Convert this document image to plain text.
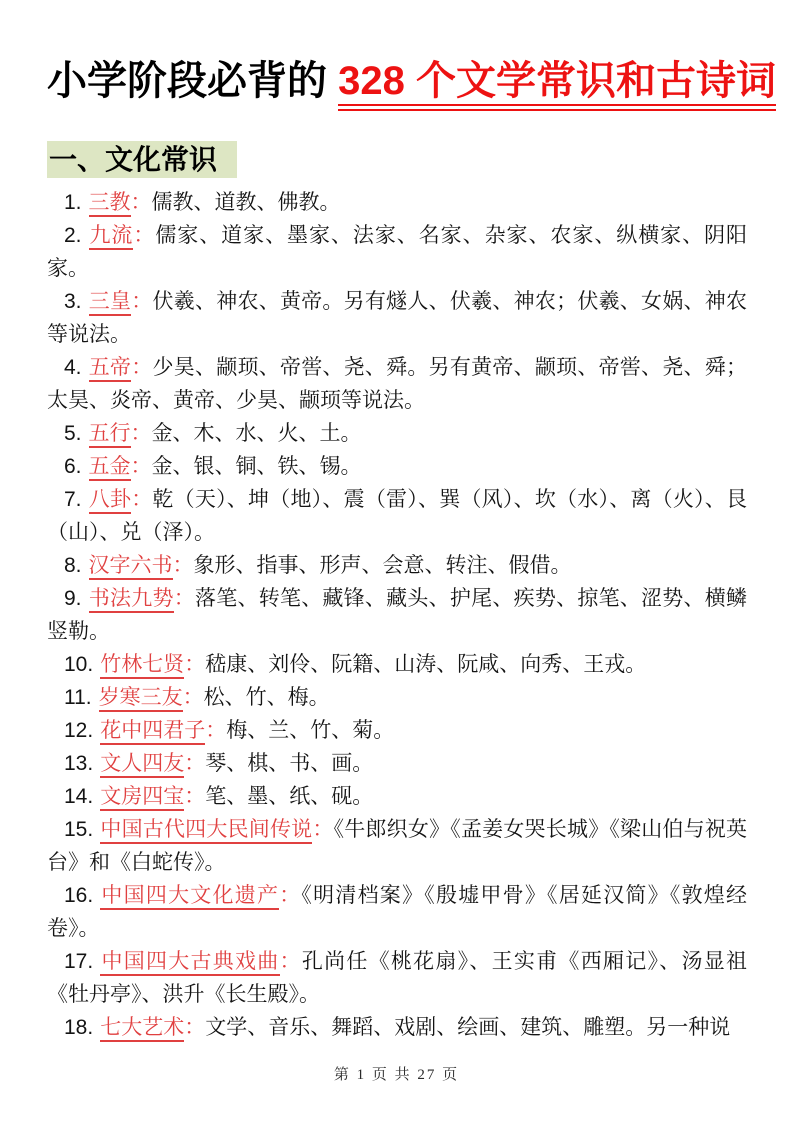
小学阶段必背的 328 个文学常识和古诗词
一、文化常识

1. 三教：儒教、道教、佛教。

2. 九流：儒家、道家、墨家、法家、名家、杂家、农家、纵横家、阴阳家。

3. 三皇：伏羲、神农、黄帝。另有燧人、伏羲、神农；伏羲、女娲、神农等说法。

4. 五帝：少昊、颛顼、帝喾、尧、舜。另有黄帝、颛顼、帝喾、尧、舜；太昊、炎帝、黄帝、少昊、颛顼等说法。

5. 五行：金、木、水、火、土。

6. 五金：金、银、铜、铁、锡。

7. 八卦：乾（天）、坤（地）、震（雷）、巽（风）、坎（水）、离（火）、艮（山）、兑（泽）。

8. 汉字六书：象形、指事、形声、会意、转注、假借。

9. 书法九势：落笔、转笔、藏锋、藏头、护尾、疾势、掠笔、涩势、横鳞竖勒。

10. 竹林七贤：嵇康、刘伶、阮籍、山涛、阮咸、向秀、王戎。

11. 岁寒三友：松、竹、梅。

12. 花中四君子：梅、兰、竹、菊。

13. 文人四友：琴、棋、书、画。

14. 文房四宝：笔、墨、纸、砚。

15. 中国古代四大民间传说：《牛郎织女》《孟姜女哭长城》《梁山伯与祝英台》和《白蛇传》。

16. 中国四大文化遗产：《明清档案》《殷墟甲骨》《居延汉简》《敦煌经卷》。

17. 中国四大古典戏曲：孔尚任《桃花扇》、王实甫《西厢记》、汤显祖《牡丹亭》、洪升《长生殿》。

18. 七大艺术：文学、音乐、舞蹈、戏剧、绘画、建筑、雕塑。另一种说

第 1 页 共 27 页
